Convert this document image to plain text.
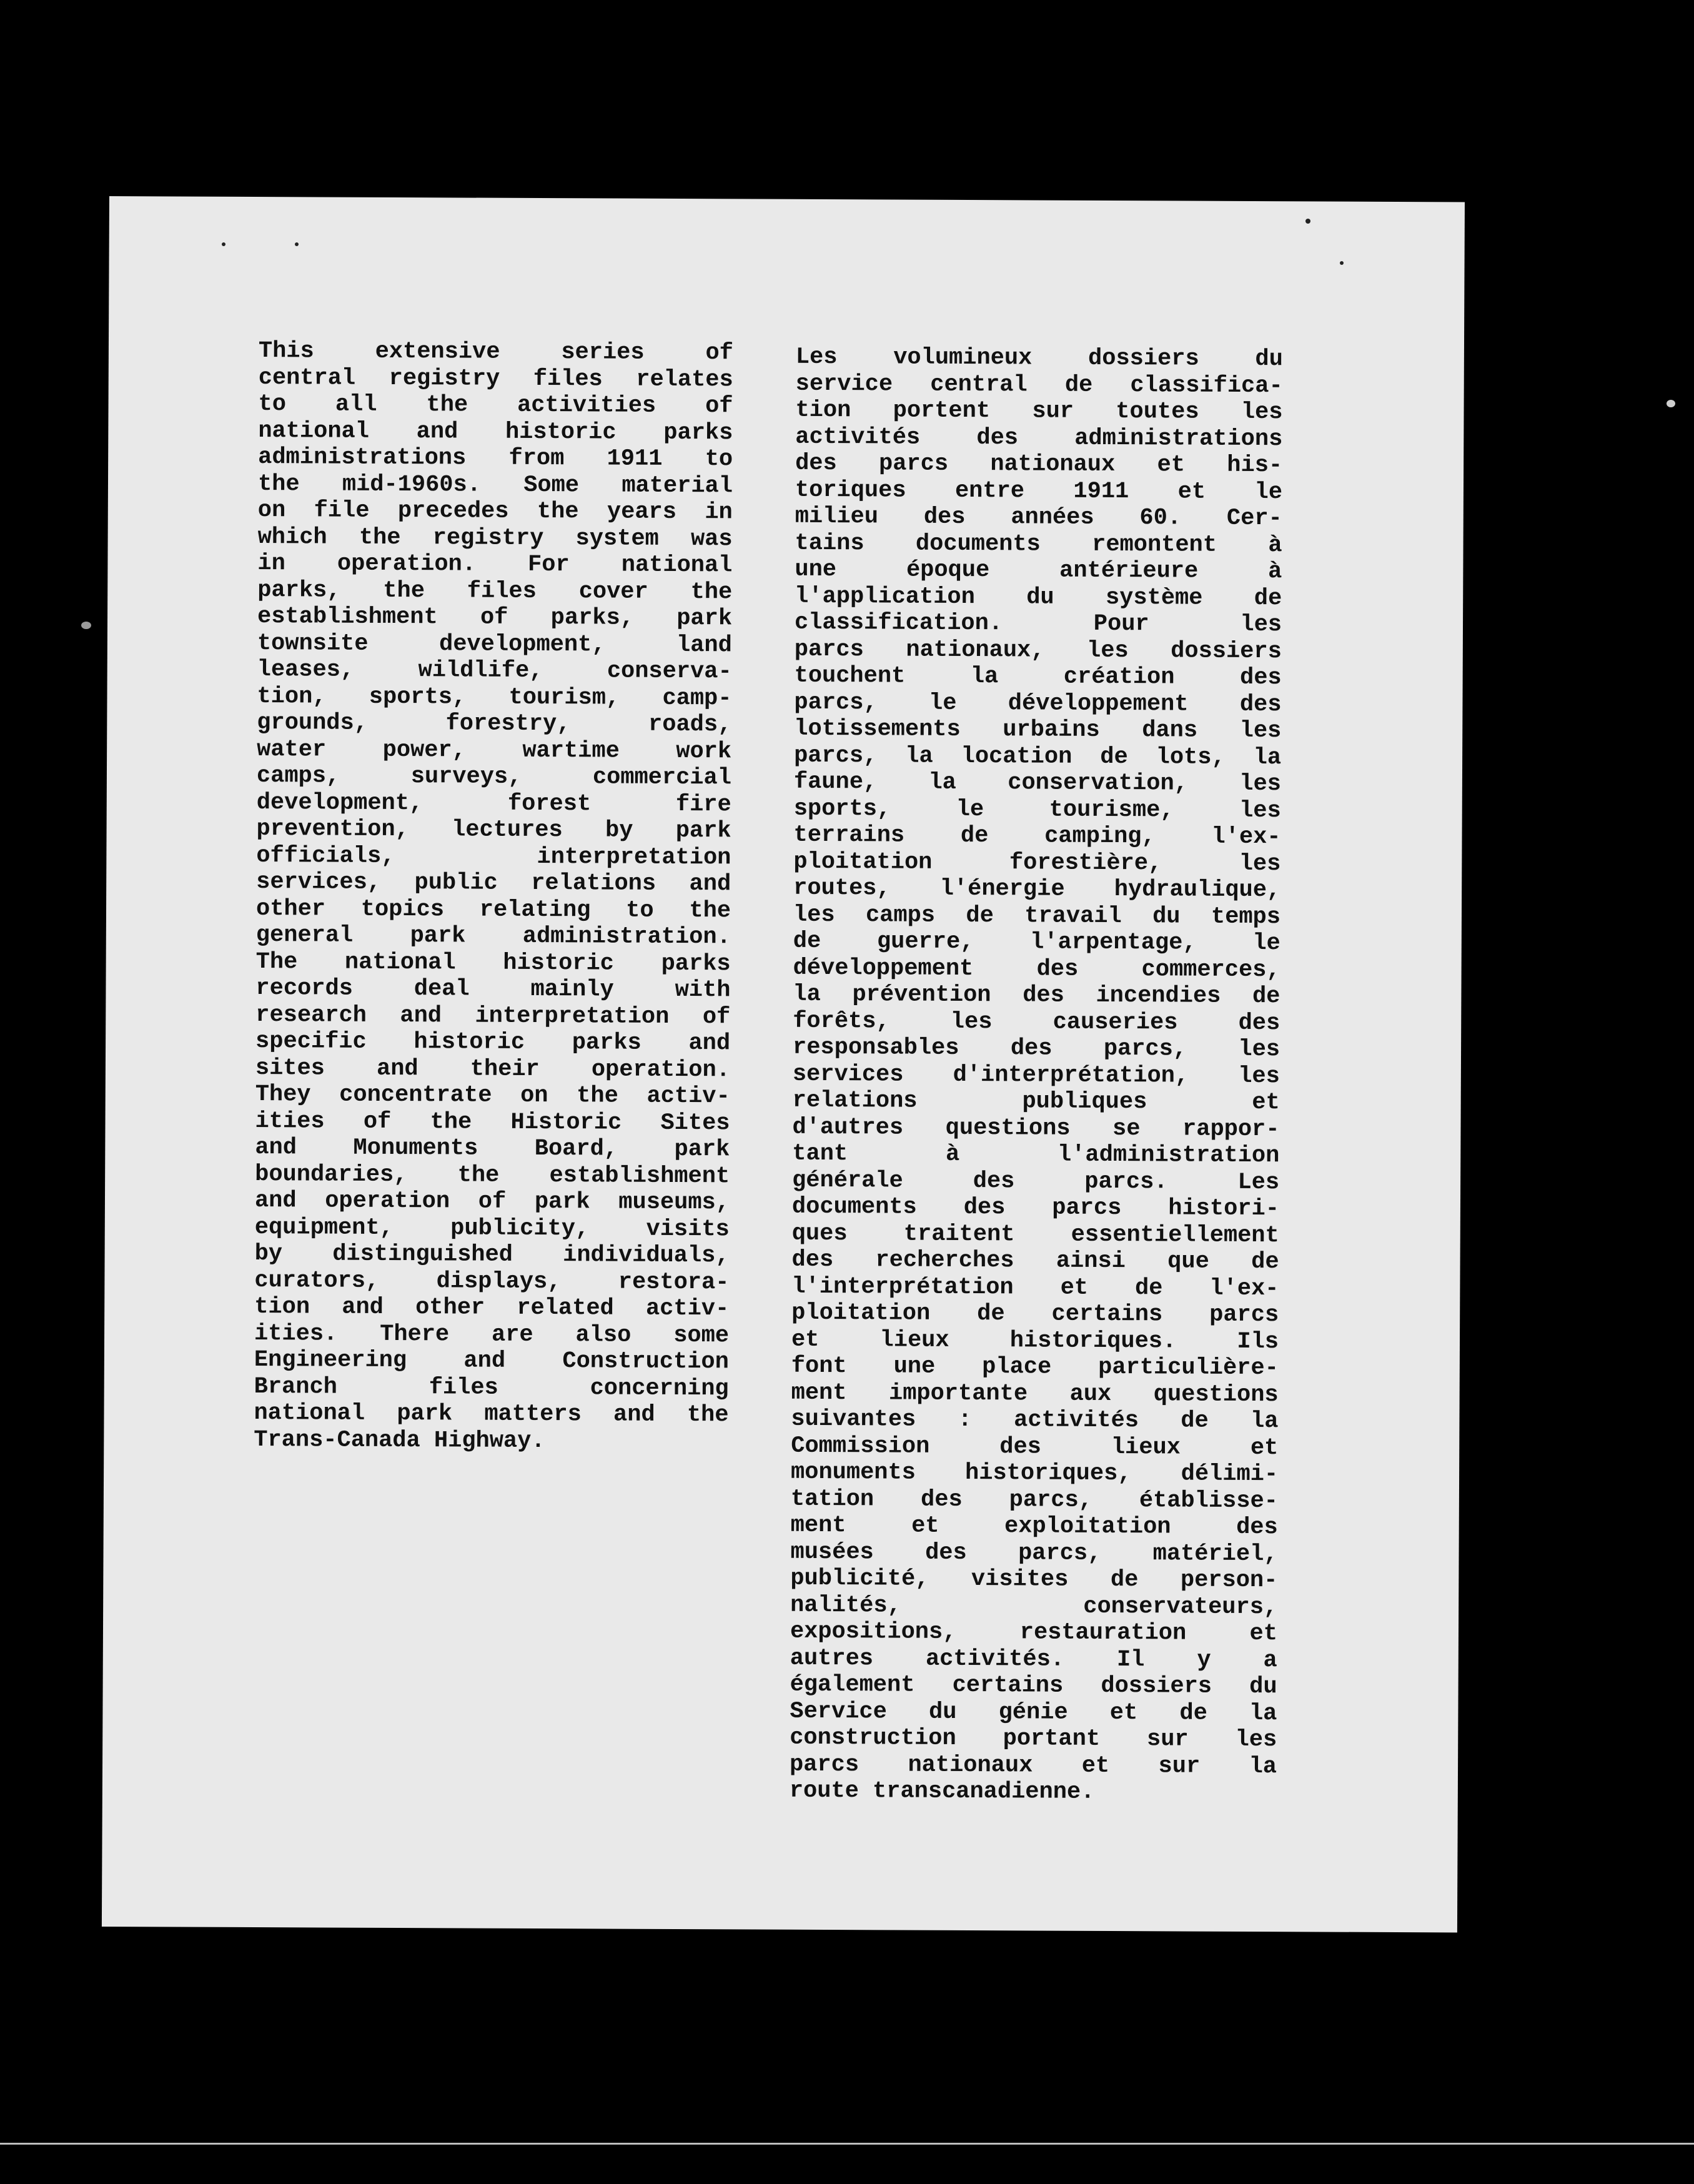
This extensive series of
central registry files relates
to all the activities of
national and historic parks
administrations from 1911 to
the mid-1960s. Some material
on file precedes the years in
which the registry system was
in operation. For national
parks, the files cover the
establishment of parks, park
townsite development, land
leases, wildlife, conserva-
tion, sports, tourism, camp-
grounds, forestry, roads,
water power, wartime work
camps, surveys, commercial
development, forest fire
prevention, lectures by park
officials, interpretation
services, public relations and
other topics relating to the
general park administration.
The national historic parks
records deal mainly with
research and interpretation of
specific historic parks and
sites and their operation.
They concentrate on the activ-
ities of the Historic Sites
and Monuments Board, park
boundaries, the establishment
and operation of park museums,
equipment, publicity, visits
by distinguished individuals,
curators, displays, restora-
tion and other related activ-
ities. There are also some
Engineering and Construction
Branch files concerning
national park matters and the
Trans-Canada Highway.
Les volumineux dossiers du
service central de classifica-
tion portent sur toutes les
activités des administrations
des parcs nationaux et his-
toriques entre 1911 et le
milieu des années 60. Cer-
tains documents remontent à
une époque antérieure à
l'application du système de
classification. Pour les
parcs nationaux, les dossiers
touchent la création des
parcs, le développement des
lotissements urbains dans les
parcs, la location de lots, la
faune, la conservation, les
sports, le tourisme, les
terrains de camping, l'ex-
ploitation forestière, les
routes, l'énergie hydraulique,
les camps de travail du temps
de guerre, l'arpentage, le
développement des commerces,
la prévention des incendies de
forêts, les causeries des
responsables des parcs, les
services d'interprétation, les
relations publiques et
d'autres questions se rappor-
tant à l'administration
générale des parcs. Les
documents des parcs histori-
ques traitent essentiellement
des recherches ainsi que de
l'interprétation et de l'ex-
ploitation de certains parcs
et lieux historiques. Ils
font une place particulière-
ment importante aux questions
suivantes : activités de la
Commission des lieux et
monuments historiques, délimi-
tation des parcs, établisse-
ment et exploitation des
musées des parcs, matériel,
publicité, visites de person-
nalités, conservateurs,
expositions, restauration et
autres activités. Il y a
également certains dossiers du
Service du génie et de la
construction portant sur les
parcs nationaux et sur la
route transcanadienne.
